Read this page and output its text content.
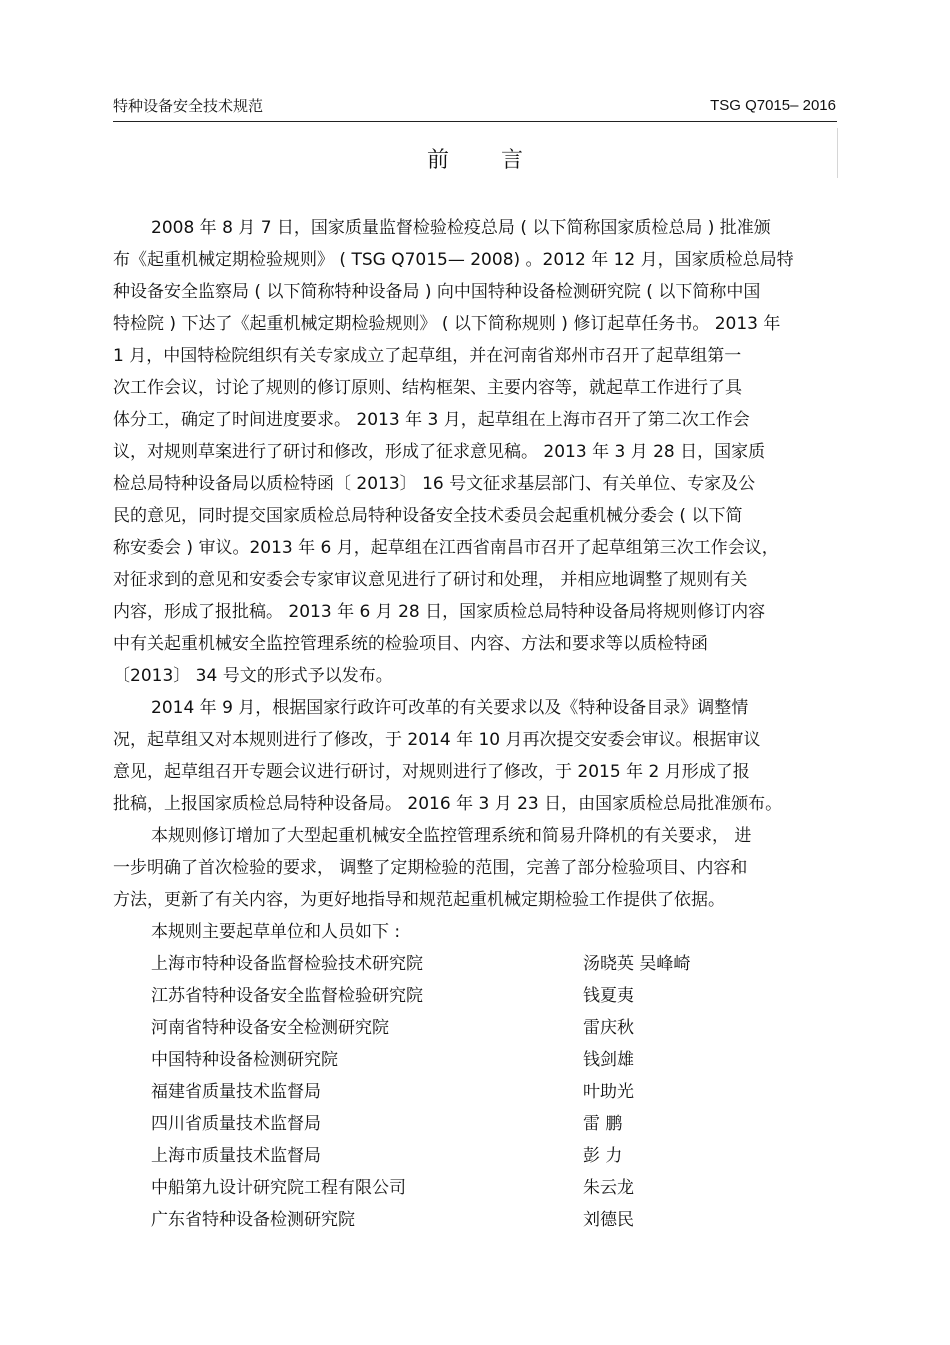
特种设备安全技术规范	TSG Q7015– 2016
前言
2008 年 8 月 7 日，国家质量监督检验检疫总局 ( 以下简称国家质检总局 ) 批准颁
布《起重机械定期检验规则》 ( TSG Q7015— 2008) 。2012 年 12 月，国家质检总局特
种设备安全监察局 ( 以下简称特种设备局 ) 向中国特种设备检测研究院 ( 以下简称中国
特检院 ) 下达了《起重机械定期检验规则》 ( 以下简称规则 ) 修订起草任务书。 2013 年
1 月，中国特检院组织有关专家成立了起草组，并在河南省郑州市召开了起草组第一
次工作会议，讨论了规则的修订原则、结构框架、主要内容等，就起草工作进行了具
体分工，确定了时间进度要求。 2013 年 3 月，起草组在上海市召开了第二次工作会
议，对规则草案进行了研讨和修改，形成了征求意见稿。 2013 年 3 月 28 日，国家质
检总局特种设备局以质检特函〔 2013〕 16 号文征求基层部门、有关单位、专家及公
民的意见，同时提交国家质检总局特种设备安全技术委员会起重机械分委会 ( 以下简
称安委会 ) 审议。2013 年 6 月，起草组在江西省南昌市召开了起草组第三次工作会议，
对征求到的意见和安委会专家审议意见进行了研讨和处理， 并相应地调整了规则有关
内容，形成了报批稿。 2013 年 6 月 28 日，国家质检总局特种设备局将规则修订内容
中有关起重机械安全监控管理系统的检验项目、内容、方法和要求等以质检特函
〔2013〕 34 号文的形式予以发布。
2014 年 9 月，根据国家行政许可改革的有关要求以及《特种设备目录》调整情
况，起草组又对本规则进行了修改，于 2014 年 10 月再次提交安委会审议。根据审议
意见，起草组召开专题会议进行研讨，对规则进行了修改，于 2015 年 2 月形成了报
批稿，上报国家质检总局特种设备局。 2016 年 3 月 23 日，由国家质检总局批准颁布。
本规则修订增加了大型起重机械安全监控管理系统和简易升降机的有关要求， 进
一步明确了首次检验的要求， 调整了定期检验的范围，完善了部分检验项目、内容和
方法，更新了有关内容，为更好地指导和规范起重机械定期检验工作提供了依据。
本规则主要起草单位和人员如下 :
上海市特种设备监督检验技术研究院	汤晓英 吴峰崎
江苏省特种设备安全监督检验研究院	钱夏夷
河南省特种设备安全检测研究院	雷庆秋
中国特种设备检测研究院	钱剑雄
福建省质量技术监督局	叶助光
四川省质量技术监督局	雷 鹏
上海市质量技术监督局	彭 力
中船第九设计研究院工程有限公司	朱云龙
广东省特种设备检测研究院	刘德民
